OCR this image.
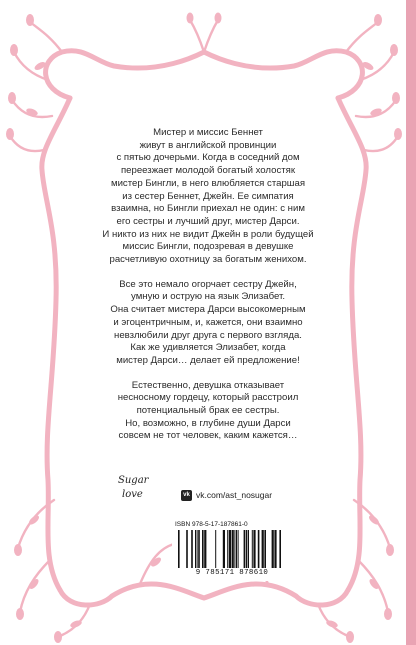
Мистер и миссис Беннет
живут в английской провинции
с пятью дочерьми. Когда в соседний дом
переезжает молодой богатый холостяк
мистер Бингли, в него влюбляется старшая
из сестер Беннет, Джейн. Ее симпатия
взаимна, но Бингли приехал не один: с ним
его сестры и лучший друг, мистер Дарси.
И никто из них не видит Джейн в роли будущей
миссис Бингли, подозревая в девушке
расчетливую охотницу за богатым женихом.

Все это немало огорчает сестру Джейн,
умную и острую на язык Элизабет.
Она считает мистера Дарси высокомерным
и эгоцентричным, и, кажется, они взаимно
невзлюбили друг друга с первого взгляда.
Как же удивляется Элизабет, когда
мистер Дарси… делает ей предложение!

Естественно, девушка отказывает
несносному гордецу, который расстроил
потенциальный брак ее сестры.
Но, возможно, в глубине души Дарси
совсем не тот человек, каким кажется…

Sugar
love	vk vk.com/ast_nosugar
ISBN 978-5-17-187861-0
9 785171 878610
